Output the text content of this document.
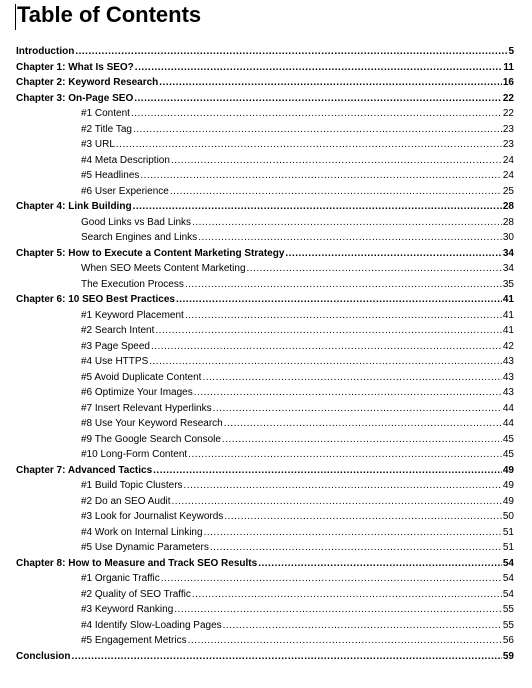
Table of Contents
Introduction .....	5
Chapter 1: What Is SEO? .....	11
Chapter 2: Keyword Research .....	16
Chapter 3: On-Page SEO .....	22
#1 Content .....	22
#2 Title Tag .....	23
#3 URL .....	23
#4 Meta Description .....	24
#5 Headlines .....	24
#6 User Experience .....	25
Chapter 4: Link Building .....	28
Good Links vs Bad Links .....	28
Search Engines and Links .....	30
Chapter 5: How to Execute a Content Marketing Strategy .....	34
When SEO Meets Content Marketing .....	34
The Execution Process .....	35
Chapter 6: 10 SEO Best Practices .....	41
#1 Keyword Placement .....	41
#2 Search Intent .....	41
#3 Page Speed .....	42
#4 Use HTTPS .....	43
#5 Avoid Duplicate Content .....	43
#6 Optimize Your Images .....	43
#7 Insert Relevant Hyperlinks .....	44
#8 Use Your Keyword Research .....	44
#9 The Google Search Console .....	45
#10 Long-Form Content .....	45
Chapter 7: Advanced Tactics .....	49
#1 Build Topic Clusters .....	49
#2 Do an SEO Audit .....	49
#3 Look for Journalist Keywords .....	50
#4 Work on Internal Linking .....	51
#5 Use Dynamic Parameters .....	51
Chapter 8: How to Measure and Track SEO Results .....	54
#1 Organic Traffic .....	54
#2 Quality of SEO Traffic .....	54
#3 Keyword Ranking .....	55
#4 Identify Slow-Loading Pages .....	55
#5 Engagement Metrics .....	56
Conclusion .....	59
